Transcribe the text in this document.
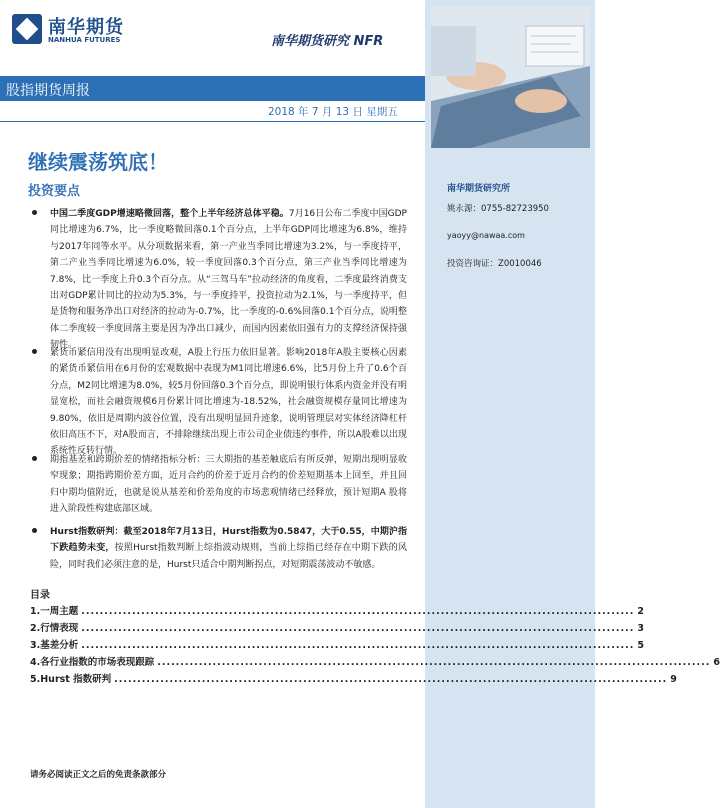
南华期货研究所
姚永源：0755-82723950
yaoyy@nawaa.com
投资咨询证：Z0010046
南华期货
NANHUA FUTURES	南华期货研究 NFR
股指期货周报
2018 年 7 月 13 日 星期五
继续震荡筑底！
投资要点
中国二季度GDP增速略微回落，整个上半年经济总体平稳。7月16日公布二季度中国GDP同比增速为6.7%，比一季度略微回落0.1个百分点，上半年GDP同比增速为6.8%，维持与2017年同等水平。从分项数据来看，第一产业当季同比增速为3.2%，与一季度持平，第二产业当季同比增速为6.0%，较一季度回落0.3个百分点，第三产业当季同比增速为7.8%，比一季度上升0.3个百分点。从“三驾马车”拉动经济的角度看，二季度最终消费支出对GDP累计同比的拉动为5.3%，与一季度持平，投资拉动为2.1%，与一季度持平，但是货物和服务净出口对经济的拉动为-0.7%，比一季度的-0.6%回落0.1个百分点，说明整体二季度较一季度回落主要是因为净出口减少，而国内因素依旧强有力的支撑经济保持强韧性。
紧货币紧信用没有出现明显改观，A股上行压力依旧显著。影响2018年A股主要核心因素的紧货币紧信用在6月份的宏观数据中表现为M1同比增速6.6%，比5月份上升了0.6个百分点，M2同比增速为8.0%，较5月份回落0.3个百分点，即说明银行体系内资金并没有明显宽松，而社会融资规模6月份累计同比增速为-18.52%，社会融资规模存量同比增速为9.80%，依旧是周期内波谷位置，没有出现明显回升迹象，说明管理层对实体经济降杠杆依旧高压不下，对A股而言，不排除继续出现上市公司企业债违约事件，所以A股难以出现系统性反转行情。
期指基差和跨期价差的情绪指标分析：三大期指的基差触底后有所反弹，短期出现明显收窄现象；期指跨期价差方面，近月合约的价差于近月合约的价差短期基本上回至，并且回归中期均值附近，也就是说从基差和价差角度的市场悲观情绪已经释放，预计短期A 股将进入阶段性构建底部区域。
Hurst指数研判：截至2018年7月13日，Hurst指数为0.5847，大于0.55，中期沪指下跌趋势未变，按照Hurst指数判断上综指波动规则，当前上综指已经存在中期下跌的风险，同时我们必须注意的是，Hurst只适合中期判断拐点，对短期震荡波动不敏感。
目录
1. 一周主题 ........................................................................................................................ 2
2. 行情表现 ........................................................................................................................ 3
3. 基差分析 ........................................................................................................................ 5
4. 各行业指数的市场表现跟踪 ........................................................................................................................ 6
5. Hurst 指数研判 ........................................................................................................................ 9
请务必阅读正文之后的免责条款部分
